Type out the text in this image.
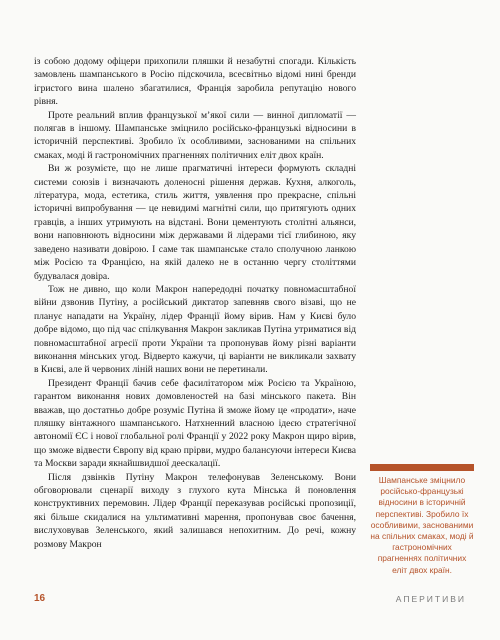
із собою додому офіцери прихопили пляшки й незабутні спогади. Кількість замовлень шампанського в Росію підскочила, всесвітньо відомі нині бренди ігристого вина шалено збагатилися, Франція заробила репутацію нового рівня.

Проте реальний вплив французької м’якої сили — винної дипломатії — полягав в іншому. Шампанське зміцнило російсько-французькі відносини в історичній перспективі. Зробило їх особливими, заснованими на спільних смаках, моді й гастрономічних прагненнях політичних еліт двох країн.

Ви ж розумієте, що не лише прагматичні інтереси формують складні системи союзів і визначають доленосні рішення держав. Кухня, алкоголь, література, мода, естетика, стиль життя, уявлення про прекрасне, спільні історичні випробування — це невидимі магнітні сили, що притягують одних гравців, а інших утримують на відстані. Вони цементують столітні альянси, вони наповнюють відносини між державами й лідерами тієї глибиною, яку заведено називати довірою. І саме так шампанське стало сполучною ланкою між Росією та Францією, на якій далеко не в останню чергу століттями будувалася довіра.

Тож не дивно, що коли Макрон напередодні початку повномасштабної війни дзвонив Путіну, а російський диктатор запевняв свого візаві, що не планує нападати на Україну, лідер Франції йому вірив. Нам у Києві було добре відомо, що під час спілкування Макрон закликав Путіна утриматися від повномасштабної агресії проти України та пропонував йому різні варіанти виконання мінських угод. Відверто кажучи, ці варіанти не викликали захвату в Києві, але й червоних ліній наших вони не перетинали.

Президент Франції бачив себе фасилітатором між Росією та Україною, гарантом виконання нових домовленостей на базі мінського пакета. Він вважав, що достатньо добре розуміє Путіна й зможе йому це «продати», наче пляшку вінтажного шампанського. Натхненний власною ідеєю стратегічної автономії ЄС і нової глобальної ролі Франції у 2022 року Макрон щиро вірив, що зможе відвести Європу від краю прірви, мудро балансуючи інтереси Києва та Москви заради якнайшвидшої деескалації.

Після дзвінків Путіну Макрон телефонував Зеленському. Вони обговорювали сценарії виходу з глухого кута Мінська й поновлення конструктивних перемовин. Лідер Франції переказував російські пропозиції, які більше скидалися на ультимативні марення, пропонував своє бачення, вислуховував Зеленського, який залишався непохитним. До речі, кожну розмову Макрон

Шампанське зміцнило російсько-французькі відносини в історичній перспективі. Зробило їх особливими, заснованими на спільних смаках, моді й гастрономічних прагненнях політичних еліт двох країн.
16	АПЕРИТИВИ
